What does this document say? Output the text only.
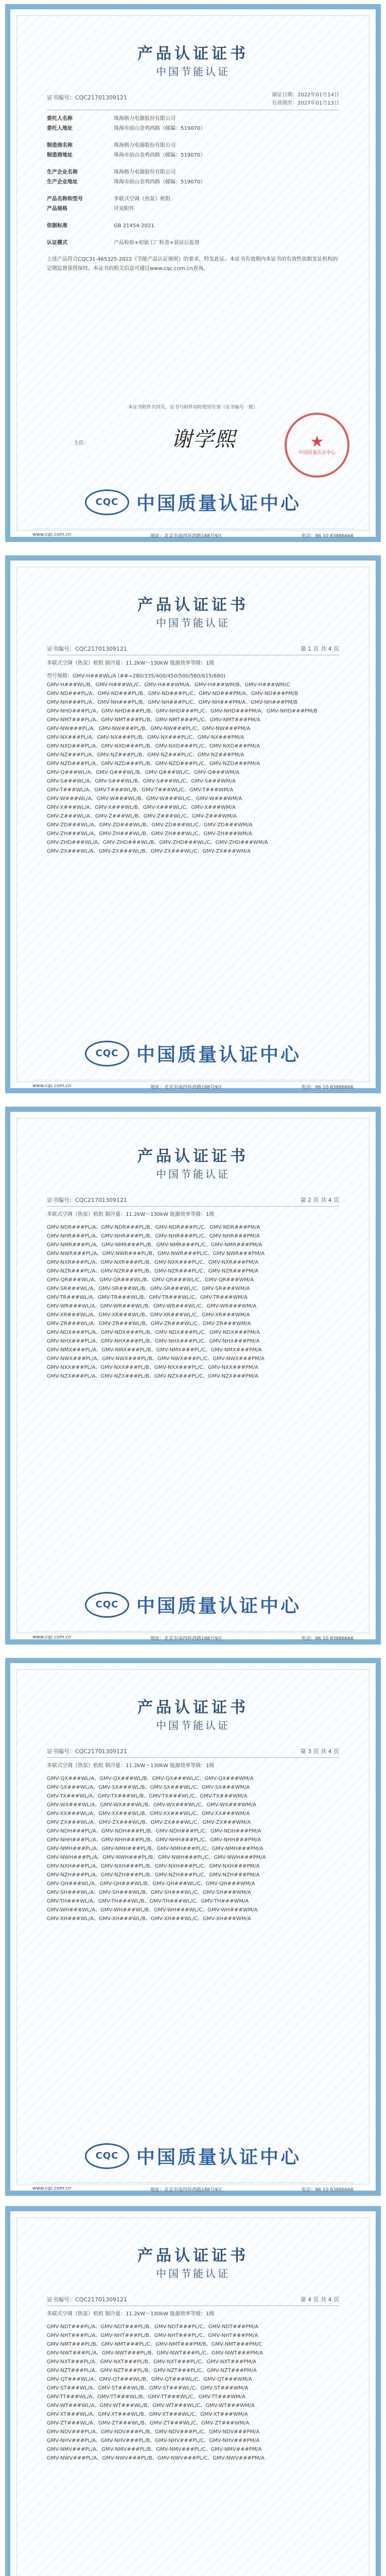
产品认证证书
中国节能认证
证书编号：CQC21701309121	颁证日期：2022年01月14日
有效期至：2027年01月13日
委托人名称	珠海格力电器股份有限公司
委托人地址	珠海市前山金鸡西路（邮编：519070）
制造商名称	珠海格力电器股份有限公司
制造商地址	珠海市前山金鸡西路（邮编：519070）
生产企业名称	珠海格力电器股份有限公司
生产企业地址	珠海市前山金鸡西路（邮编：519070）
产品名称和型号	多联式空调（热泵）机组
产品规格	详见附件
依据标准	GB 21454-2021
认证模式	产品检验+初始工厂检查+获证后监督
上述产品符合CQC31-465325-2022《节能产品认证规则》的要求，特发此证。本证书有效期内本证书的有效性依据发证机构的定期监督获得保持。本证书的相关信息可通过www.cqc.com.cn查询。
本证书附件共四页，证书与附件同时使用有效（证书编号一致）
主任：	谢学熙	★
中国质量认证中心
CQC 中国质量认证中心
www.cqc.com.cn	地址：北京市南四环西路188号9区	电话：86 10 83886666
产品认证证书
中国节能认证
证书编号：CQC21701309121	第 1 页 共 4 页
多联式空调（热泵）机组 制冷量：11.2kW～130kW 能源效率等级：1级
型号规格：GMV-H###WL/A (##=280/335/400/450/500/560/615/680)
GMV-H###WL/B、GMV-H###WL/C、GMV-H###WM/A、GMV-H###WM/B、GMV-H###WM/C
GMV-ND###PL/A、GMV-ND###PL/B、GMV-ND###PL/C、GMV-ND###PM/A、GMV-ND###PM/B
GMV-NH###PL/A、GMV-NH###PL/B、GMV-NH###PL/C、GMV-NH###PM/A、GMV-NH###PM/B
GMV-NHD###PL/A、GMV-NHD###PL/B、GMV-NHD###PL/C、GMV-NHD###PM/A、GMV-NHD###PM/B
GMV-NMT###PL/A、GMV-NMT###PL/B、GMV-NMT###PL/C、GMV-NMT###PM/A
GMV-NW###PL/A、GMV-NW###PL/B、GMV-NW###PL/C、GMV-NW###PM/A
GMV-NX###PL/A、GMV-NX###PL/B、GMV-NX###PL/C、GMV-NX###PM/A
GMV-NXD###PL/A、GMV-NXD###PL/B、GMV-NXD###PL/C、GMV-NXD###PM/A
GMV-NZ###PL/A、GMV-NZ###PL/B、GMV-NZ###PL/C、GMV-NZ###PM/A
GMV-NZD###PL/A、GMV-NZD###PL/B、GMV-NZD###PL/C、GMV-NZD###PM/A
GMV-Q###WL/A、GMV-Q###WL/B、GMV-Q###WL/C、GMV-Q###WM/A
GMV-S###WL/A、GMV-S###WL/B、GMV-S###WL/C、GMV-S###WM/A
GMV-T###WL/A、GMV-T###WL/B、GMV-T###WL/C、GMV-T###WM/A
GMV-W###WL/A、GMV-W###WL/B、GMV-W###WL/C、GMV-W###WM/A
GMV-X###WL/A、GMV-X###WL/B、GMV-X###WL/C、GMV-X###WM/A
GMV-Z###WL/A、GMV-Z###WL/B、GMV-Z###WL/C、GMV-Z###WM/A
GMV-ZD###WL/A、GMV-ZD###WL/B、GMV-ZD###WL/C、GMV-ZD###WM/A
GMV-ZH###WL/A、GMV-ZH###WL/B、GMV-ZH###WL/C、GMV-ZH###WM/A
GMV-ZHD###WL/A、GMV-ZHD###WL/B、GMV-ZHD###WL/C、GMV-ZHD###WM/A
GMV-ZX###WL/A、GMV-ZX###WL/B、GMV-ZX###WL/C、GMV-ZX###WM/A
CQC 中国质量认证中心
www.cqc.com.cn	地址：北京市南四环西路188号9区	电话：86 10 83886666
产品认证证书
中国节能认证
证书编号：CQC21701309121	第 2 页 共 4 页
多联式空调（热泵）机组 制冷量：11.2kW～130kW 能源效率等级：1级
GMV-NDR###PL/A、GMV-NDR###PL/B、GMV-NDR###PL/C、GMV-NDR###PM/A
GMV-NHR###PL/A、GMV-NHR###PL/B、GMV-NHR###PL/C、GMV-NHR###PM/A
GMV-NMR###PL/A、GMV-NMR###PL/B、GMV-NMR###PL/C、GMV-NMR###PM/A
GMV-NWR###PL/A、GMV-NWR###PL/B、GMV-NWR###PL/C、GMV-NWR###PM/A
GMV-NXR###PL/A、GMV-NXR###PL/B、GMV-NXR###PL/C、GMV-NXR###PM/A
GMV-NZR###PL/A、GMV-NZR###PL/B、GMV-NZR###PL/C、GMV-NZR###PM/A
GMV-QR###WL/A、GMV-QR###WL/B、GMV-QR###WL/C、GMV-QR###WM/A
GMV-SR###WL/A、GMV-SR###WL/B、GMV-SR###WL/C、GMV-SR###WM/A
GMV-TR###WL/A、GMV-TR###WL/B、GMV-TR###WL/C、GMV-TR###WM/A
GMV-WR###WL/A、GMV-WR###WL/B、GMV-WR###WL/C、GMV-WR###WM/A
GMV-XR###WL/A、GMV-XR###WL/B、GMV-XR###WL/C、GMV-XR###WM/A
GMV-ZR###WL/A、GMV-ZR###WL/B、GMV-ZR###WL/C、GMV-ZR###WM/A
GMV-NDX###PL/A、GMV-NDX###PL/B、GMV-NDX###PL/C、GMV-NDX###PM/A
GMV-NHX###PL/A、GMV-NHX###PL/B、GMV-NHX###PL/C、GMV-NHX###PM/A
GMV-NMX###PL/A、GMV-NMX###PL/B、GMV-NMX###PL/C、GMV-NMX###PM/A
GMV-NWX###PL/A、GMV-NWX###PL/B、GMV-NWX###PL/C、GMV-NWX###PM/A
GMV-NXX###PL/A、GMV-NXX###PL/B、GMV-NXX###PL/C、GMV-NXX###PM/A
GMV-NZX###PL/A、GMV-NZX###PL/B、GMV-NZX###PL/C、GMV-NZX###PM/A
CQC 中国质量认证中心
www.cqc.com.cn	地址：北京市南四环西路188号9区	电话：86 10 83886666
产品认证证书
中国节能认证
证书编号：CQC21701309121	第 3 页 共 4 页
多联式空调（热泵）机组 制冷量：11.2kW～130kW 能源效率等级：1级
GMV-QX###WL/A、GMV-QX###WL/B、GMV-QX###WL/C、GMV-QX###WM/A
GMV-SX###WL/A、GMV-SX###WL/B、GMV-SX###WL/C、GMV-SX###WM/A
GMV-TX###WL/A、GMV-TX###WL/B、GMV-TX###WL/C、GMV-TX###WM/A
GMV-WX###WL/A、GMV-WX###WL/B、GMV-WX###WL/C、GMV-WX###WM/A
GMV-XX###WL/A、GMV-XX###WL/B、GMV-XX###WL/C、GMV-XX###WM/A
GMV-ZX###WL/A、GMV-ZX###WL/B、GMV-ZX###WL/C、GMV-ZX###WM/A
GMV-NDH###PL/A、GMV-NDH###PL/B、GMV-NDH###PL/C、GMV-NDH###PM/A
GMV-NHH###PL/A、GMV-NHH###PL/B、GMV-NHH###PL/C、GMV-NHH###PM/A
GMV-NMH###PL/A、GMV-NMH###PL/B、GMV-NMH###PL/C、GMV-NMH###PM/A
GMV-NWH###PL/A、GMV-NWH###PL/B、GMV-NWH###PL/C、GMV-NWH###PM/A
GMV-NXH###PL/A、GMV-NXH###PL/B、GMV-NXH###PL/C、GMV-NXH###PM/A
GMV-NZH###PL/A、GMV-NZH###PL/B、GMV-NZH###PL/C、GMV-NZH###PM/A
GMV-QH###WL/A、GMV-QH###WL/B、GMV-QH###WL/C、GMV-QH###WM/A
GMV-SH###WL/A、GMV-SH###WL/B、GMV-SH###WL/C、GMV-SH###WM/A
GMV-TH###WL/A、GMV-TH###WL/B、GMV-TH###WL/C、GMV-TH###WM/A
GMV-WH###WL/A、GMV-WH###WL/B、GMV-WH###WL/C、GMV-WH###WM/A
GMV-XH###WL/A、GMV-XH###WL/B、GMV-XH###WL/C、GMV-XH###WM/A
CQC 中国质量认证中心
www.cqc.com.cn	地址：北京市南四环西路188号9区	电话：86 10 83886666
产品认证证书
中国节能认证
证书编号：CQC21701309121	第 4 页 共 4 页
多联式空调（热泵）机组 制冷量：11.2kW～130kW 能源效率等级：1级
GMV-NDT###PL/A、GMV-NDT###PL/B、GMV-NDT###PL/C、GMV-NDT###PM/A
GMV-NHT###PL/A、GMV-NHT###PL/B、GMV-NHT###PL/C、GMV-NHT###PM/A
GMV-NMT###PL/B、GMV-NMT###PL/C、GMV-NMT###PM/B、GMV-NMT###PM/C
GMV-NWT###PL/A、GMV-NWT###PL/B、GMV-NWT###PL/C、GMV-NWT###PM/A
GMV-NXT###PL/A、GMV-NXT###PL/B、GMV-NXT###PL/C、GMV-NXT###PM/A
GMV-NZT###PL/A、GMV-NZT###PL/B、GMV-NZT###PL/C、GMV-NZT###PM/A
GMV-QT###WL/A、GMV-QT###WL/B、GMV-QT###WL/C、GMV-QT###WM/A
GMV-ST###WL/A、GMV-ST###WL/B、GMV-ST###WL/C、GMV-ST###WM/A
GMV-TT###WL/A、GMV-TT###WL/B、GMV-TT###WL/C、GMV-TT###WM/A
GMV-WT###WL/A、GMV-WT###WL/B、GMV-WT###WL/C、GMV-WT###WM/A
GMV-XT###WL/A、GMV-XT###WL/B、GMV-XT###WL/C、GMV-XT###WM/A
GMV-ZT###WL/A、GMV-ZT###WL/B、GMV-ZT###WL/C、GMV-ZT###WM/A
GMV-NDV###PL/A、GMV-NDV###PL/B、GMV-NDV###PL/C、GMV-NDV###PM/A
GMV-NHV###PL/A、GMV-NHV###PL/B、GMV-NHV###PL/C、GMV-NHV###PM/A
GMV-NMV###PL/A、GMV-NMV###PL/B、GMV-NMV###PL/C、GMV-NMV###PM/A
GMV-NWV###PL/A、GMV-NWV###PL/B、GMV-NWV###PL/C、GMV-NWV###PM/A
